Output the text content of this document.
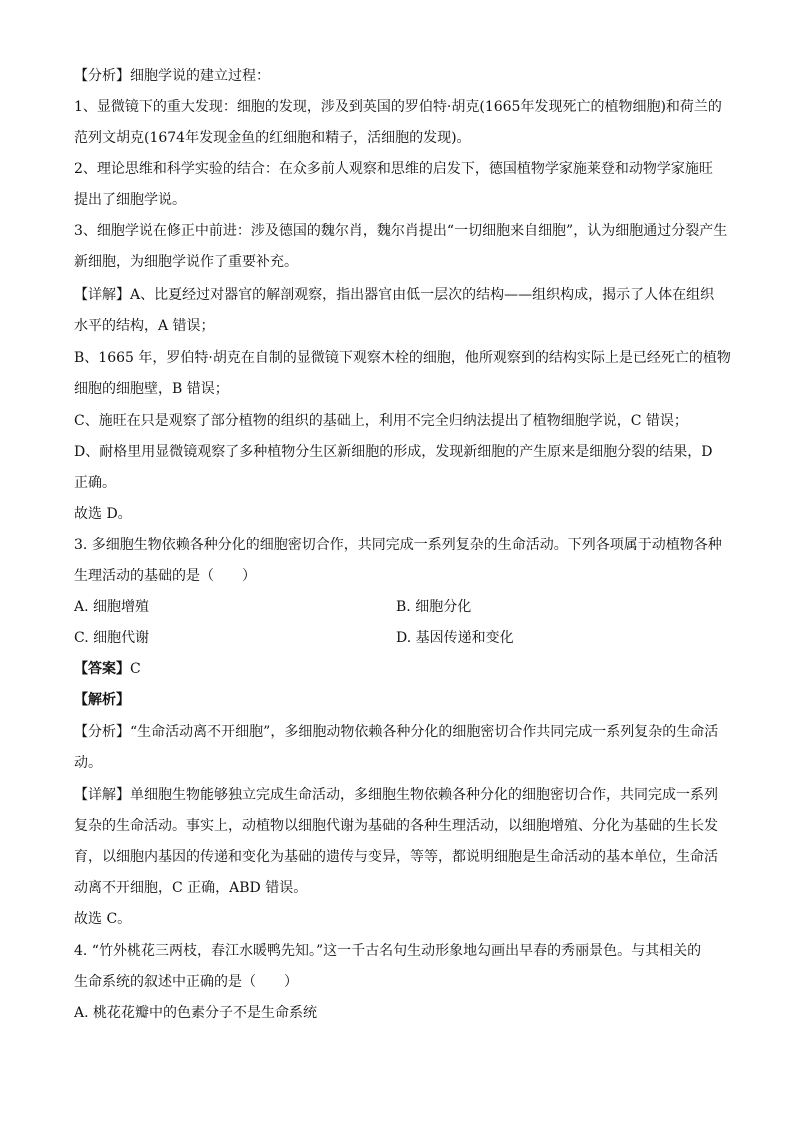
【分析】细胞学说的建立过程：
1、显微镜下的重大发现：细胞的发现，涉及到英国的罗伯特·胡克(1665年发现死亡的植物细胞)和荷兰的
范列文胡克(1674年发现金鱼的红细胞和精子，活细胞的发现)。
2、理论思维和科学实验的结合：在众多前人观察和思维的启发下，德国植物学家施莱登和动物学家施旺
提出了细胞学说。
3、细胞学说在修正中前进：涉及德国的魏尔肖，魏尔肖提出“一切细胞来自细胞”，认为细胞通过分裂产生
新细胞，为细胞学说作了重要补充。
【详解】A、比夏经过对器官的解剖观察，指出器官由低一层次的结构——组织构成，揭示了人体在组织
水平的结构，A 错误；
B、1665 年，罗伯特·胡克在自制的显微镜下观察木栓的细胞，他所观察到的结构实际上是已经死亡的植物
细胞的细胞壁，B 错误；
C、施旺在只是观察了部分植物的组织的基础上，利用不完全归纳法提出了植物细胞学说，C 错误；
D、耐格里用显微镜观察了多种植物分生区新细胞的形成，发现新细胞的产生原来是细胞分裂的结果，D
正确。
故选 D。
3. 多细胞生物依赖各种分化的细胞密切合作，共同完成一系列复杂的生命活动。下列各项属于动植物各种
生理活动的基础的是（　　）
A. 细胞增殖	B. 细胞分化
C. 细胞代谢	D. 基因传递和变化
【答案】C
【解析】
【分析】“生命活动离不开细胞”，多细胞动物依赖各种分化的细胞密切合作共同完成一系列复杂的生命活
动。
【详解】单细胞生物能够独立完成生命活动，多细胞生物依赖各种分化的细胞密切合作，共同完成一系列
复杂的生命活动。事实上，动植物以细胞代谢为基础的各种生理活动，以细胞增殖、分化为基础的生长发
育，以细胞内基因的传递和变化为基础的遗传与变异，等等，都说明细胞是生命活动的基本单位，生命活
动离不开细胞，C 正确，ABD 错误。
故选 C。
4. “竹外桃花三两枝，春江水暖鸭先知。”这一千古名句生动形象地勾画出早春的秀丽景色。与其相关的
生命系统的叙述中正确的是（　　）
A. 桃花花瓣中的色素分子不是生命系统
